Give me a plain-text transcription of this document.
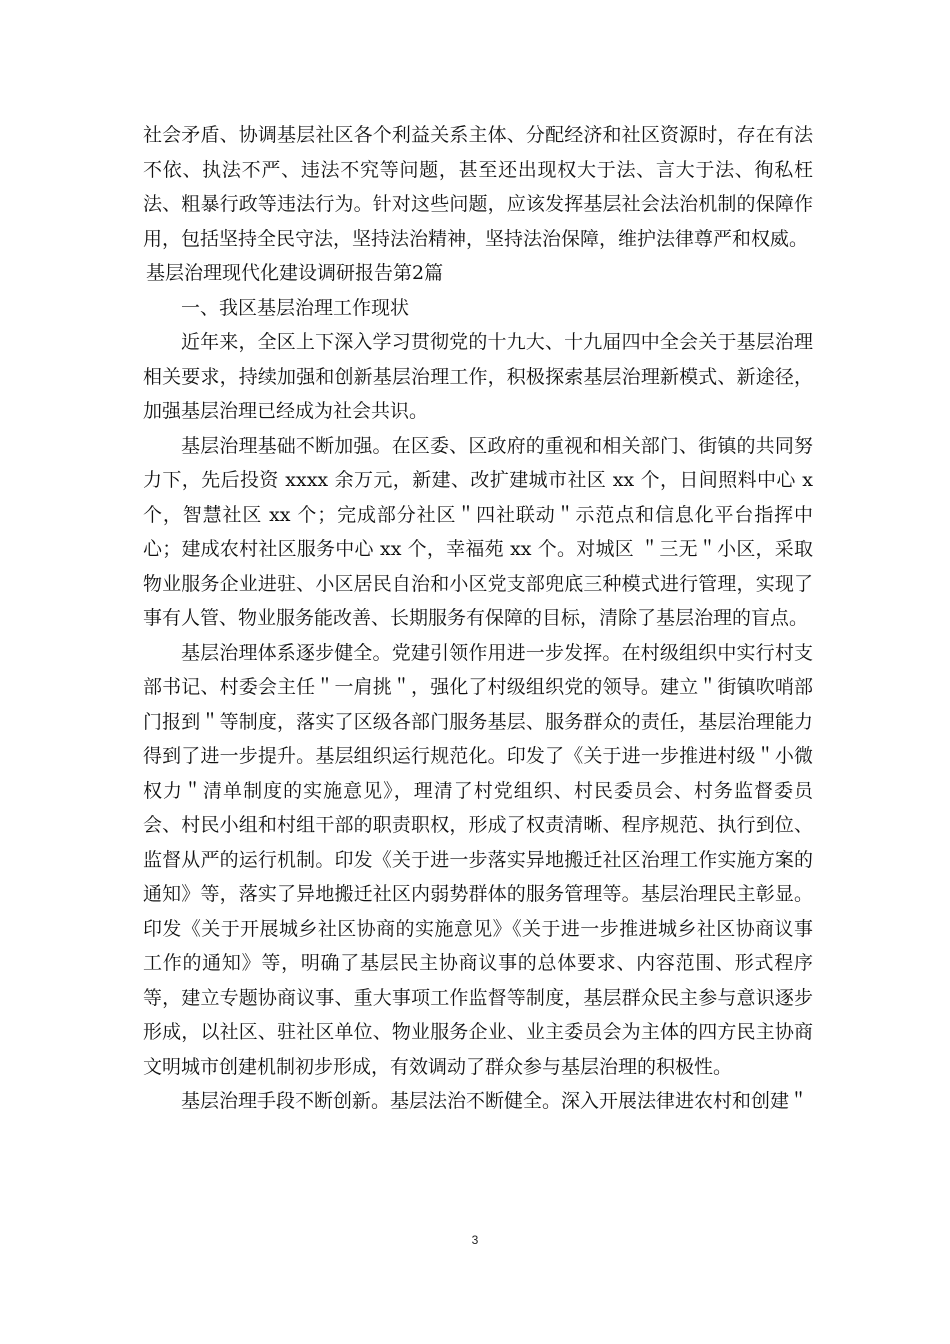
社会矛盾、协调基层社区各个利益关系主体、分配经济和社区资源时，存在有法不依、执法不严、违法不究等问题，甚至还出现权大于法、言大于法、徇私枉法、粗暴行政等违法行为。针对这些问题，应该发挥基层社会法治机制的保障作用，包括坚持全民守法，坚持法治精神，坚持法治保障，维护法律尊严和权威。

基层治理现代化建设调研报告第2篇

一、我区基层治理工作现状

近年来，全区上下深入学习贯彻党的十九大、十九届四中全会关于基层治理相关要求，持续加强和创新基层治理工作，积极探索基层治理新模式、新途径，加强基层治理已经成为社会共识。

基层治理基础不断加强。在区委、区政府的重视和相关部门、街镇的共同努力下，先后投资 xxxx 余万元，新建、改扩建城市社区 xx 个，日间照料中心 x 个，智慧社区 xx 个；完成部分社区＂四社联动＂示范点和信息化平台指挥中心；建成农村社区服务中心 xx 个，幸福苑 xx 个。对城区 ＂三无＂小区，采取物业服务企业进驻、小区居民自治和小区党支部兜底三种模式进行管理，实现了事有人管、物业服务能改善、长期服务有保障的目标，清除了基层治理的盲点。

基层治理体系逐步健全。党建引领作用进一步发挥。在村级组织中实行村支部书记、村委会主任＂一肩挑＂，强化了村级组织党的领导。建立＂街镇吹哨部门报到＂等制度，落实了区级各部门服务基层、服务群众的责任，基层治理能力得到了进一步提升。基层组织运行规范化。印发了《关于进一步推进村级＂小微权力＂清单制度的实施意见》，理清了村党组织、村民委员会、村务监督委员会、村民小组和村组干部的职责职权，形成了权责清晰、程序规范、执行到位、监督从严的运行机制。印发《关于进一步落实异地搬迁社区治理工作实施方案的通知》等，落实了异地搬迁社区内弱势群体的服务管理等。基层治理民主彰显。印发《关于开展城乡社区协商的实施意见》《关于进一步推进城乡社区协商议事工作的通知》等，明确了基层民主协商议事的总体要求、内容范围、形式程序等，建立专题协商议事、重大事项工作监督等制度，基层群众民主参与意识逐步形成，以社区、驻社区单位、物业服务企业、业主委员会为主体的四方民主协商文明城市创建机制初步形成，有效调动了群众参与基层治理的积极性。

基层治理手段不断创新。基层法治不断健全。深入开展法律进农村和创建＂

3
